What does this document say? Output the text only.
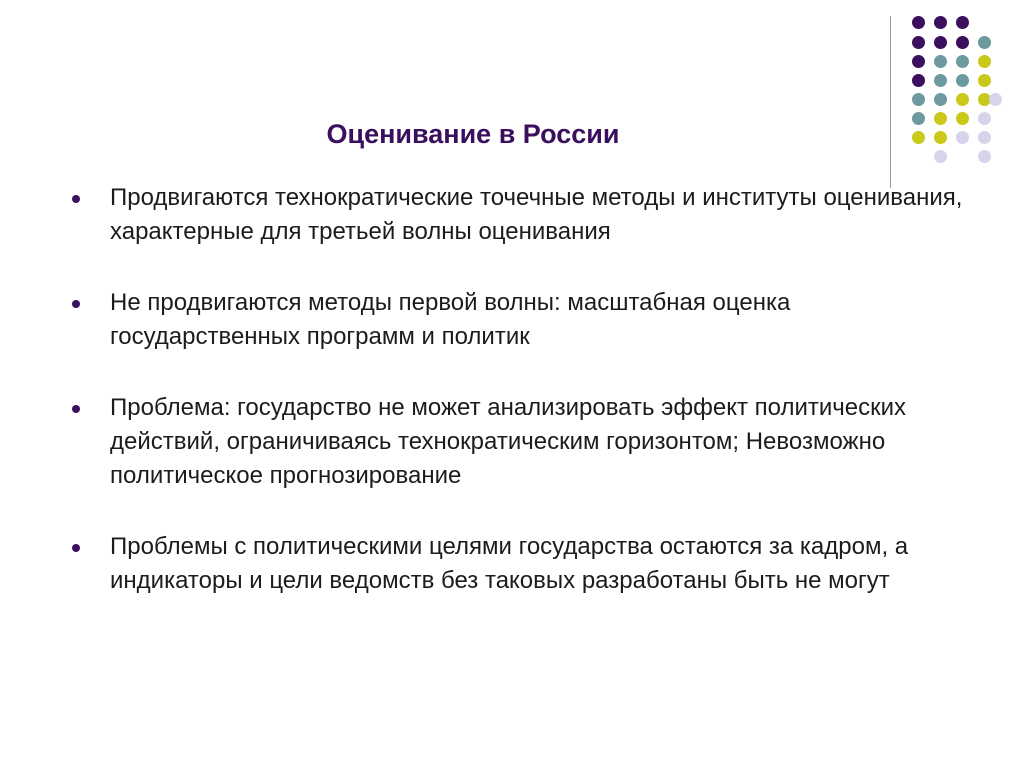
Оценивание в России
Продвигаются технократические точечные методы и институты оценивания, характерные для третьей волны оценивания
Не продвигаются методы первой волны: масштабная оценка государственных программ и политик
Проблема: государство не может анализировать эффект политических действий, ограничиваясь технократическим горизонтом; Невозможно политическое прогнозирование
Проблемы с политическими целями государства остаются за кадром, а индикаторы и цели ведомств без таковых разработаны быть не могут
